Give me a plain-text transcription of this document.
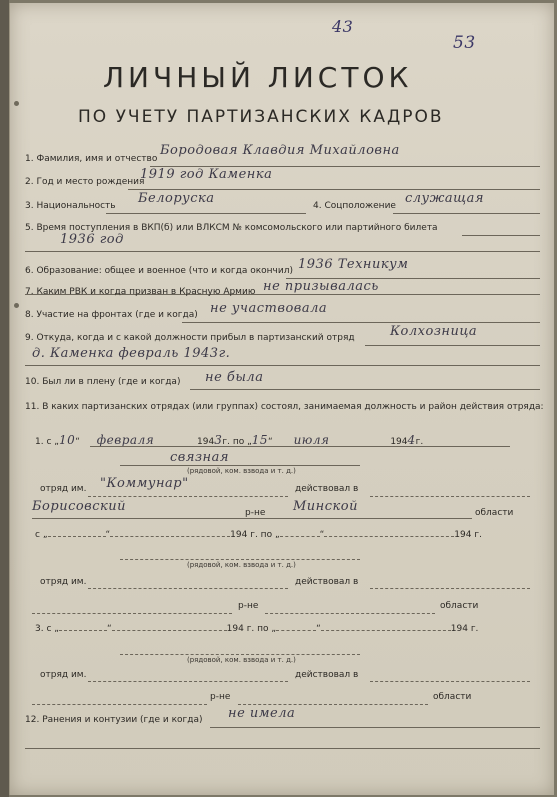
43
53
ЛИЧНЫЙ ЛИСТОК
ПО УЧЕТУ ПАРТИЗАНСКИХ КАДРОВ
1. Фамилия, имя и отчество
Бородовая Клавдия Михайловна
2. Год и место рождения
1919 год Каменка
3. Национальность Белоруска	4. Соцположение служащая
5. Время поступления в ВКП(б) или ВЛКСМ № комсомольского или партийного билета
1936 год
6. Образование: общее и военное (что и когда окончил) 1936 Техникум
7. Каким РВК и когда призван в Красную Армию не призывалась
8. Участие на фронтах (где и когда) не участвовала
9. Откуда, когда и с какой должности прибыл в партизанский отряд	Колхозница
д. Каменка февраль 1943г.
10. Был ли в плену (где и когда) не была
11. В каких партизанских отрядах (или группах) состоял, занимаемая должность и район действия отряда:
1. с „10“ февраля	1943г. по „15“ июля	1944г.
связная
(рядовой, ком. взвода и т. д.)
отряд им. "Коммунар"	действовал в
Борисовский	р-не Минской	области
с „	“	194 г. по „	“	194 г.
(рядовой, ком. взвода и т. д.)
отряд им.	действовал в
р-не	области
3. с „	“	194 г. по „	“	194 г.
(рядовой, ком. взвода и т. д.)
отряд им.	действовал в
р-не	области
12. Ранения и контузии (где и когда) не имела
